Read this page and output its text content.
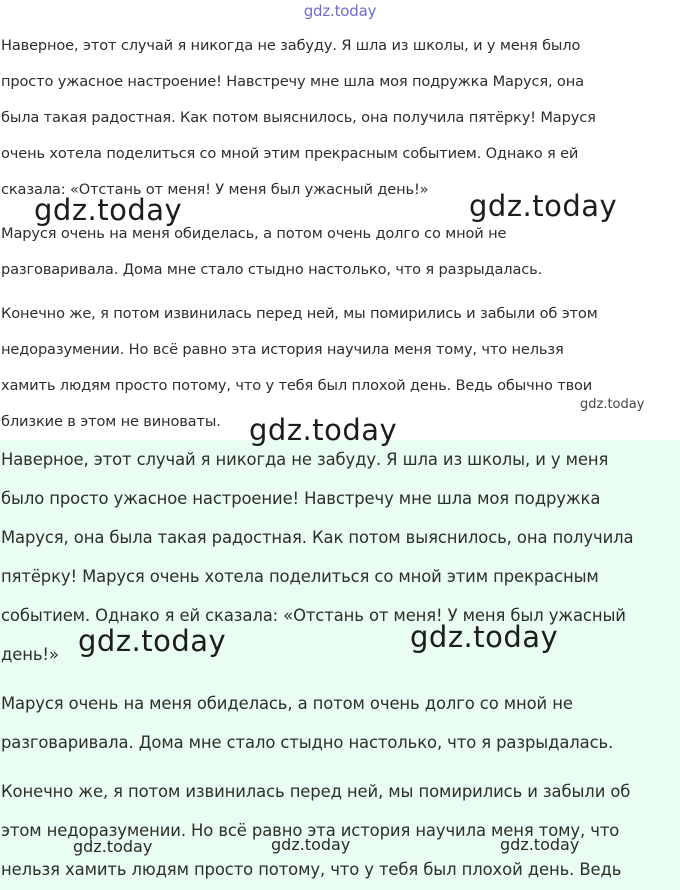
gdz.today

Наверное, этот случай я никогда не забуду. Я шла из школы, и у меня было

просто ужасное настроение! Навстречу мне шла моя подружка Маруся, она

была такая радостная. Как потом выяснилось, она получила пятёрку! Маруся

очень хотела поделиться со мной этим прекрасным событием. Однако я ей

сказала: «Отстань от меня! У меня был ужасный день!»

Маруся очень на меня обиделась, а потом очень долго со мной не

разговаривала. Дома мне стало стыдно настолько, что я разрыдалась.

Конечно же, я потом извинилась перед ней, мы помирились и забыли об этом

недоразумении. Но всё равно эта история научила меня тому, что нельзя

хамить людям просто потому, что у тебя был плохой день. Ведь обычно твои

близкие в этом не виноваты.

Наверное, этот случай я никогда не забуду. Я шла из школы, и у меня

было просто ужасное настроение! Навстречу мне шла моя подружка

Маруся, она была такая радостная. Как потом выяснилось, она получила

пятёрку! Маруся очень хотела поделиться со мной этим прекрасным

событием. Однако я ей сказала: «Отстань от меня! У меня был ужасный

день!»

Маруся очень на меня обиделась, а потом очень долго со мной не

разговаривала. Дома мне стало стыдно настолько, что я разрыдалась.

Конечно же, я потом извинилась перед ней, мы помирились и забыли об

этом недоразумении. Но всё равно эта история научила меня тому, что

нельзя хамить людям просто потому, что у тебя был плохой день. Ведь

gdz.today	gdz.today
gdz.today
gdz.today
gdz.today	gdz.today
gdz.today	gdz.today	gdz.today
